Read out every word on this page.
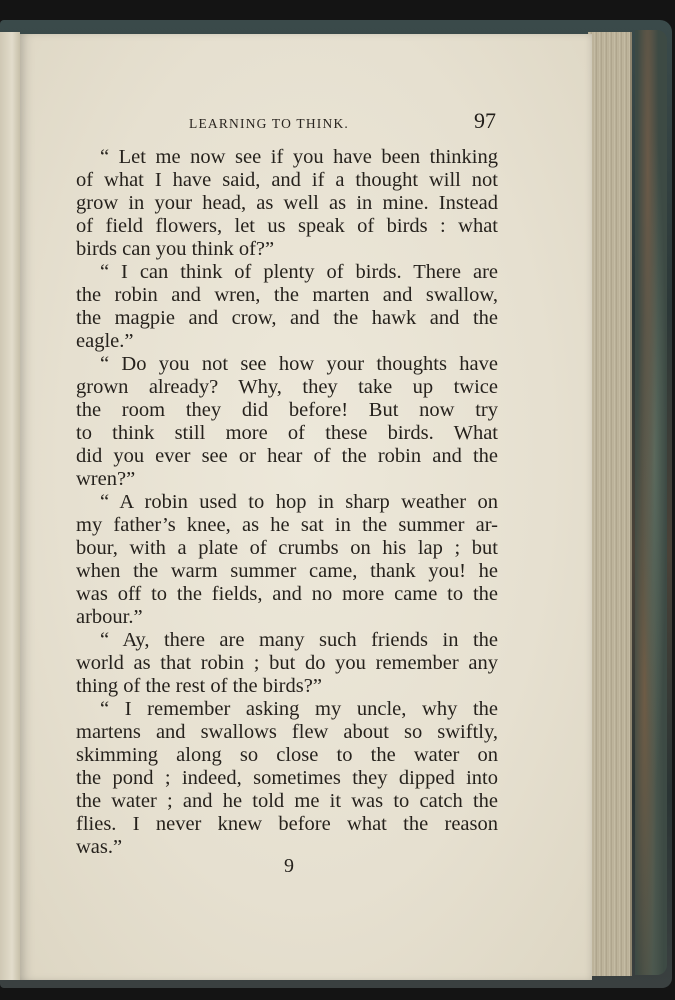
LEARNING TO THINK.	97
“ Let me now see if you have been thinking
of what I have said, and if a thought will not
grow in your head, as well as in mine. Instead
of field flowers, let us speak of birds : what
birds can you think of?”
“ I can think of plenty of birds. There are
the robin and wren, the marten and swallow,
the magpie and crow, and the hawk and the
eagle.”
“ Do you not see how your thoughts have
grown already? Why, they take up twice
the room they did before! But now try
to think still more of these birds. What
did you ever see or hear of the robin and the
wren?”
“ A robin used to hop in sharp weather on
my father’s knee, as he sat in the summer ar-
bour, with a plate of crumbs on his lap ; but
when the warm summer came, thank you! he
was off to the fields, and no more came to the
arbour.”
“ Ay, there are many such friends in the
world as that robin ; but do you remember any
thing of the rest of the birds?”
“ I remember asking my uncle, why the
martens and swallows flew about so swiftly,
skimming along so close to the water on
the pond ; indeed, sometimes they dipped into
the water ; and he told me it was to catch the
flies. I never knew before what the reason
was.”
9
